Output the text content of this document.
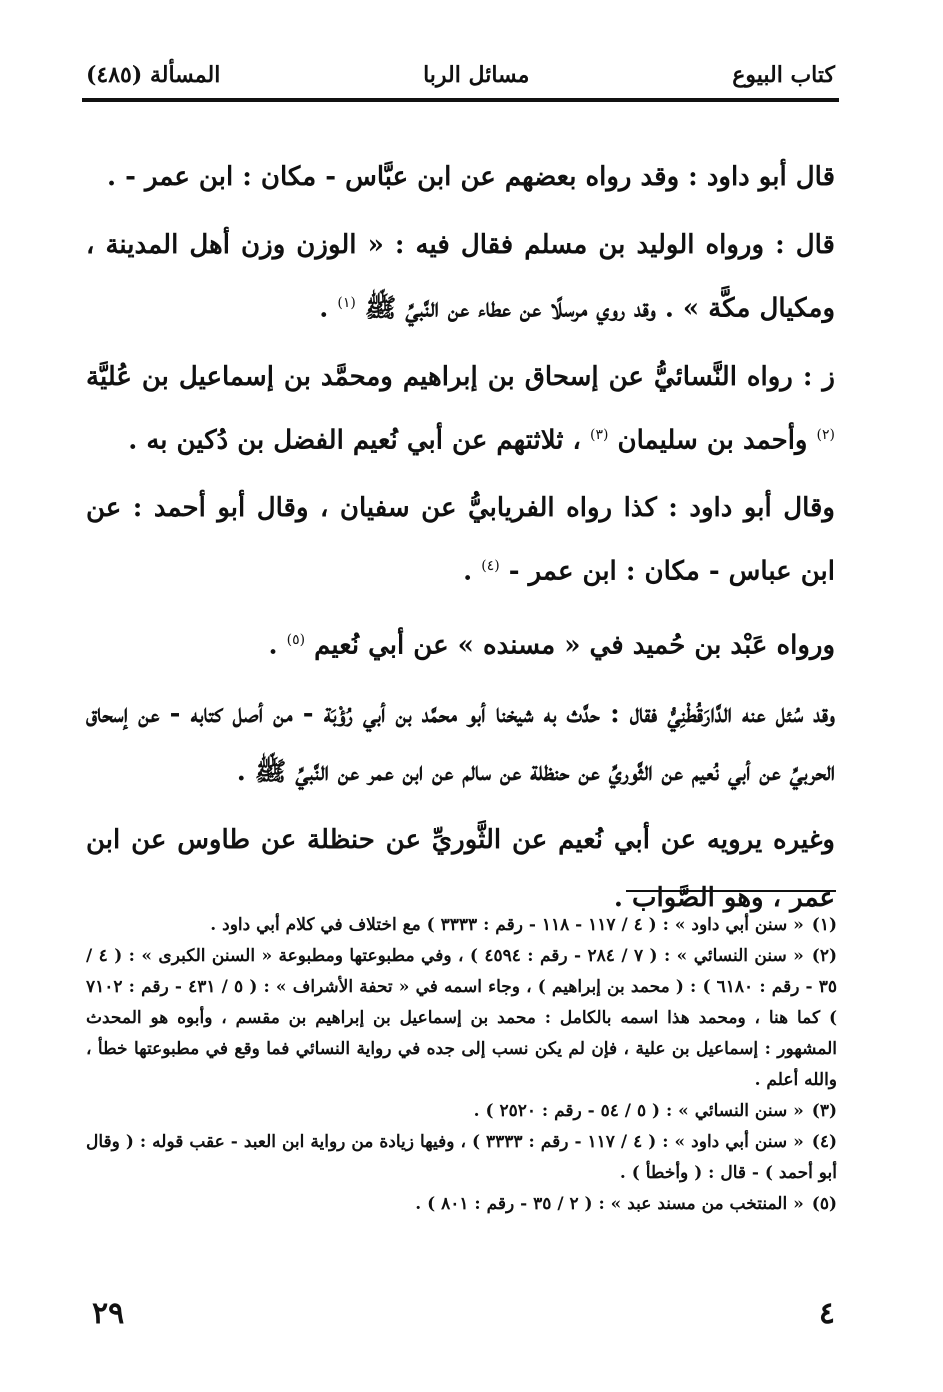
كتاب البيوع
مسائل الربا
المسألة (٤٨٥)

قال أبو داود : وقد رواه بعضهم عن ابن عبَّاس - مكان : ابن عمر - .

قال : ورواه الوليد بن مسلم فقال فيه : « الوزن وزن أهل المدينة ، ومكيال مكَّة » . وقد روي مرسلًا عن عطاء عن النَّبيِّ ﷺ $^{(١)}$ .

ز : رواه النَّسائيُّ عن إسحاق بن إبراهيم ومحمَّد بن إسماعيل بن عُليَّة $^{(٢)}$ وأحمد بن سليمان $^{(٣)}$ ، ثلاثتهم عن أبي نُعيم الفضل بن دُكين به .

وقال أبو داود : كذا رواه الفريابيُّ عن سفيان ، وقال أبو أحمد : عن ابن عباس - مكان : ابن عمر - $^{(٤)}$ .

ورواه عَبْد بن حُميد في « مسنده » عن أبي نُعيم $^{(٥)}$ .

وقد سُئل عنه الدَّارَقُطْنِيُّ فقال : حدَّث به شيخنا أبو محمَّد بن أبي رُؤْبَة - من أصل كتابه - عن إسحاق الحربيِّ عن أبي نُعيم عن الثَّوريِّ عن حنظلة عن سالم عن ابن عمر عن النَّبيِّ ﷺ .

وغيره يرويه عن أبي نُعيم عن الثَّوريِّ عن حنظلة عن طاوس عن ابن عمر ، وهو الصَّواب .

(١)« سنن أبي داود » : ( ٤ / ١١٧ - ١١٨ - رقم : ٣٣٣٣ ) مع اختلاف في كلام أبي داود .

(٢)« سنن النسائي » : ( ٧ / ٢٨٤ - رقم : ٤٥٩٤ ) ، وفي مطبوعتها ومطبوعة « السنن الكبرى » : ( ٤ / ٣٥ - رقم : ٦١٨٠ ) : ( محمد بن إبراهيم ) ، وجاء اسمه في « تحفة الأشراف » : ( ٥ / ٤٣١ - رقم : ٧١٠٢ ) كما هنا ، ومحمد هذا اسمه بالكامل : محمد بن إسماعيل بن إبراهيم بن مقسم ، وأبوه هو المحدث المشهور : إسماعيل بن علية ، فإن لم يكن نسب إلى جده في رواية النسائي فما وقع في مطبوعتها خطأ ، والله أعلم .

(٣)« سنن النسائي » : ( ٥ / ٥٤ - رقم : ٢٥٢٠ ) .

(٤)« سنن أبي داود » : ( ٤ / ١١٧ - رقم : ٣٣٣٣ ) ، وفيها زيادة من رواية ابن العبد - عقب قوله : ( وقال أبو أحمد ) - قال : ( وأخطأ ) .

(٥)« المنتخب من مسند عبد » : ( ٢ / ٣٥ - رقم : ٨٠١ ) .

٢٩	٤
